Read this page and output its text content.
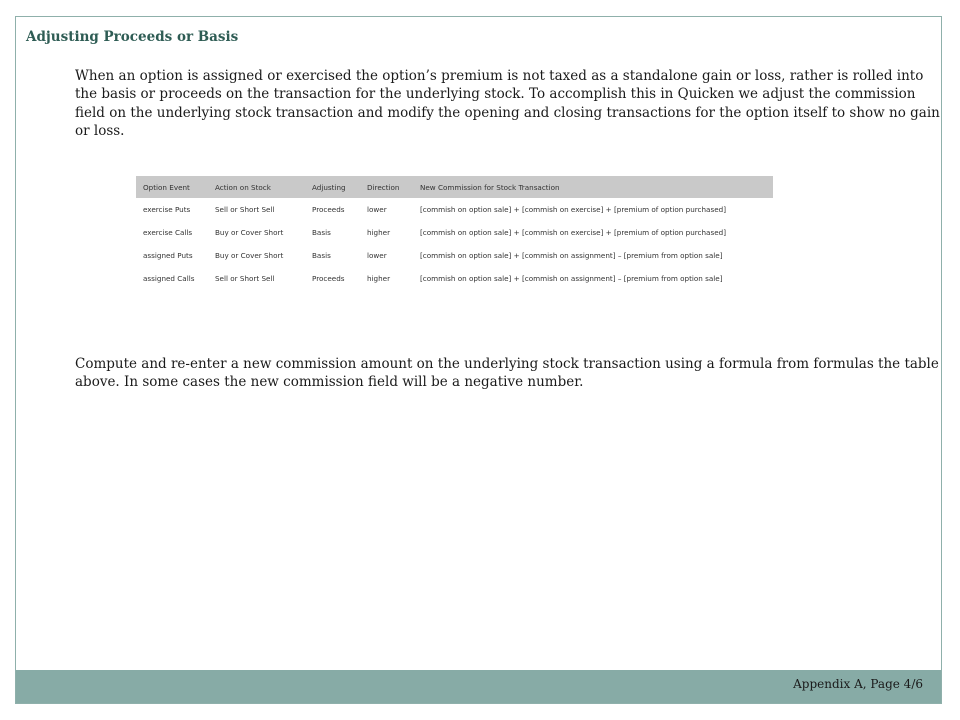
Adjusting Proceeds or Basis

When an option is assigned or exercised the option’s premium is not taxed as a standalone gain or loss, rather is rolled into the basis or proceeds on the transaction for the underlying stock. To accomplish this in Quicken we adjust the commission field on the underlying stock transaction and modify the opening and closing transactions for the option itself to show no gain or loss.

Option Event	Action on Stock	Adjusting	Direction	New Commission for Stock Transaction
exercise Puts	Sell or Short Sell	Proceeds	lower	[commish on option sale] + [commish on exercise] + [premium of option purchased]
exercise Calls	Buy or Cover Short	Basis	higher	[commish on option sale] + [commish on exercise] + [premium of option purchased]
assigned Puts	Buy or Cover Short	Basis	lower	[commish on option sale] + [commish on assignment] – [premium from option sale]
assigned Calls	Sell or Short Sell	Proceeds	higher	[commish on option sale] + [commish on assignment] – [premium from option sale]

Compute and re-enter a new commission amount on the underlying stock transaction using a formula from formulas the table above. In some cases the new commission field will be a negative number.

Appendix A, Page 4/6
